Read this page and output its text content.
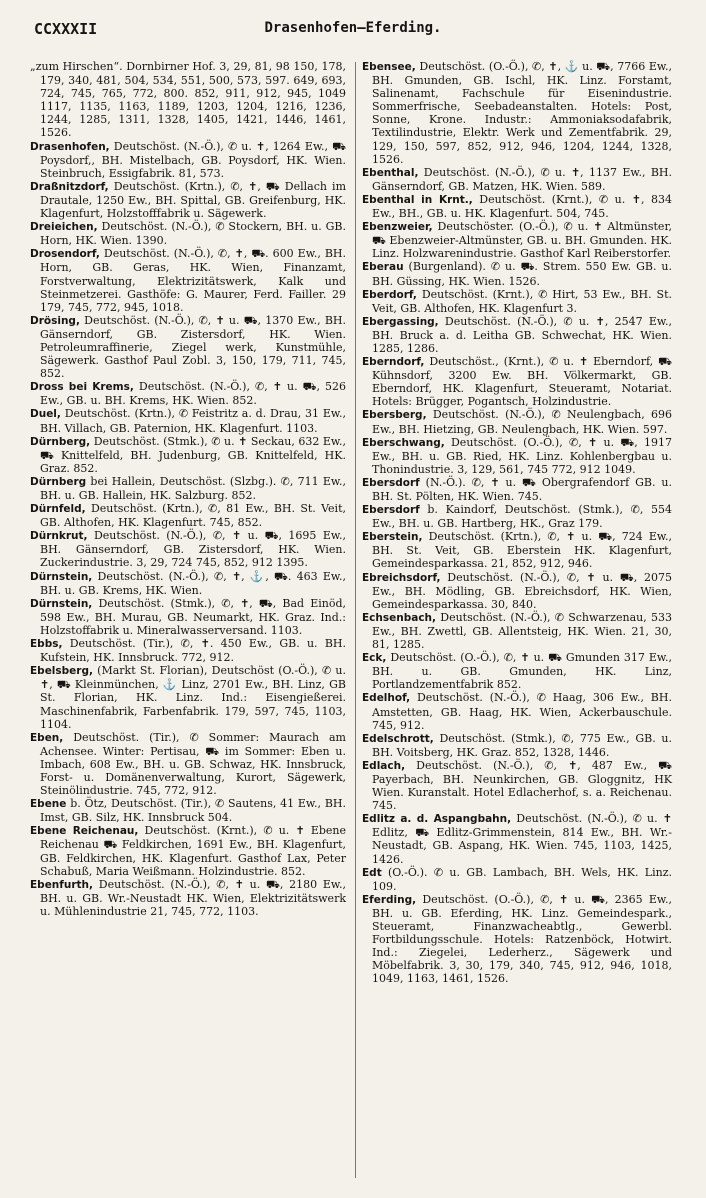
CCXXXII	Drasenhofen—Eferding.

„zum Hirschen“. Dornbirner Hof. 3, 29, 81, 98 150, 178, 179, 340, 481, 504, 534, 551, 500, 573, 597. 649, 693, 724, 745, 765, 772, 800. 852, 911, 912, 945, 1049 1117, 1135, 1163, 1189, 1203, 1204, 1216, 1236, 1244, 1285, 1311, 1328, 1405, 1421, 1446, 1461, 1526.

Drasenhofen, Deutschöst. (N.-Ö.), ✆ u. ✝, 1264 Ew., ⛟ Poysdorf,, BH. Mistelbach, GB. Poysdorf, HK. Wien. Steinbruch, Essigfabrik. 81, 573.

Draßnitzdorf, Deutschöst. (Krtn.), ✆, ✝, ⛟ Dellach im Drautale, 1250 Ew., BH. Spittal, GB. Greifenburg, HK. Klagenfurt, Holzstofffabrik u. Sägewerk.

Dreieichen, Deutschöst. (N.-Ö.), ✆ Stockern, BH. u. GB. Horn, HK. Wien. 1390.

Drosendorf, Deutschöst. (N.-Ö.), ✆, ✝, ⛟. 600 Ew., BH. Horn, GB. Geras, HK. Wien, Finanzamt, Forstverwaltung, Elektrizitätswerk, Kalk und Steinmetzerei. Gasthöfe: G. Maurer, Ferd. Failler. 29 179, 745, 772, 945, 1018.

Drösing, Deutschöst. (N.-Ö.), ✆, ✝ u. ⛟, 1370 Ew., BH. Gänserndorf, GB. Zistersdorf, HK. Wien. Petroleumraffinerie, Ziegel werk, Kunstmühle, Sägewerk. Gasthof Paul Zobl. 3, 150, 179, 711, 745, 852.

Dross bei Krems, Deutschöst. (N.-Ö.), ✆, ✝ u. ⛟, 526 Ew., GB. u. BH. Krems, HK. Wien. 852.

Duel, Deutschöst. (Krtn.), ✆ Feistritz a. d. Drau, 31 Ew., BH. Villach, GB. Paternion, HK. Klagenfurt. 1103.

Dürnberg, Deutschöst. (Stmk.), ✆ u. ✝ Seckau, 632 Ew., ⛟ Knittelfeld, BH. Judenburg, GB. Knittelfeld, HK. Graz. 852.

Dürnberg bei Hallein, Deutschöst. (Slzbg.). ✆, 711 Ew., BH. u. GB. Hallein, HK. Salzburg. 852.

Dürnfeld, Deutschöst. (Krtn.), ✆, 81 Ew., BH. St. Veit, GB. Althofen, HK. Klagenfurt. 745, 852.

Dürnkrut, Deutschöst. (N.-Ö.), ✆, ✝ u. ⛟, 1695 Ew., BH. Gänserndorf, GB. Zistersdorf, HK. Wien. Zuckerindustrie. 3, 29, 724 745, 852, 912 1395.

Dürnstein, Deutschöst. (N.-Ö.), ✆, ✝, ⚓, ⛟. 463 Ew., BH. u. GB. Krems, HK. Wien.

Dürnstein, Deutschöst. (Stmk.), ✆, ✝, ⛟, Bad Einöd, 598 Ew., BH. Murau, GB. Neumarkt, HK. Graz. Ind.: Holzstoffabrik u. Mineralwasserversand. 1103.

Ebbs, Deutschöst. (Tir.), ✆, ✝. 450 Ew., GB. u. BH. Kufstein, HK. Innsbruck. 772, 912.

Ebelsberg, (Markt St. Florian), Deutschöst (O.-Ö.), ✆ u. ✝, ⛟ Kleinmünchen, ⚓ Linz, 2701 Ew., BH. Linz, GB St. Florian, HK. Linz. Ind.: Eisengießerei. Maschinenfabrik, Farbenfabrik. 179, 597, 745, 1103, 1104.

Eben, Deutschöst. (Tir.), ✆ Sommer: Maurach am Achensee. Winter: Pertisau, ⛟ im Sommer: Eben u. Imbach, 608 Ew., BH. u. GB. Schwaz, HK. Innsbruck, Forst- u. Domänenverwaltung, Kurort, Sägewerk, Steinölindustrie. 745, 772, 912.

Ebene b. Ötz, Deutschöst. (Tir.), ✆ Sautens, 41 Ew., BH. Imst, GB. Silz, HK. Innsbruck 504.

Ebene Reichenau, Deutschöst. (Krnt.), ✆ u. ✝ Ebene Reichenau ⛟ Feldkirchen, 1691 Ew., BH. Klagenfurt, GB. Feldkirchen, HK. Klagenfurt. Gasthof Lax, Peter Schabuß, Maria Weißmann. Holzindustrie. 852.

Ebenfurth, Deutschöst. (N.-Ö.), ✆, ✝ u. ⛟, 2180 Ew., BH. u. GB. Wr.-Neustadt HK. Wien, Elektrizitätswerk u. Mühlenindustrie 21, 745, 772, 1103.

Ebensee, Deutschöst. (O.-Ö.), ✆, ✝, ⚓ u. ⛟, 7766 Ew., BH. Gmunden, GB. Ischl, HK. Linz. Forstamt, Salinenamt, Fachschule für Eisenindustrie. Sommerfrische, Seebadeanstalten. Hotels: Post, Sonne, Krone. Industr.: Ammoniaksodafabrik, Textilindustrie, Elektr. Werk und Zementfabrik. 29, 129, 150, 597, 852, 912, 946, 1204, 1244, 1328, 1526.

Ebenthal, Deutschöst. (N.-Ö.), ✆ u. ✝, 1137 Ew., BH. Gänserndorf, GB. Matzen, HK. Wien. 589.

Ebenthal in Krnt., Deutschöst. (Krnt.), ✆ u. ✝, 834 Ew., BH., GB. u. HK. Klagenfurt. 504, 745.

Ebenzweier, Deutschöster. (O.-Ö.), ✆ u. ✝ Altmünster, ⛟ Ebenzweier-Altmünster, GB. u. BH. Gmunden. HK. Linz. Holzwarenindustrie. Gasthof Karl Reiberstorfer.

Eberau (Burgenland). ✆ u. ⛟. Strem. 550 Ew. GB. u. BH. Güssing, HK. Wien. 1526.

Eberdorf, Deutschöst. (Krnt.), ✆ Hirt, 53 Ew., BH. St. Veit, GB. Althofen, HK. Klagenfurt 3.

Ebergassing, Deutschöst. (N.-Ö.), ✆ u. ✝, 2547 Ew., BH. Bruck a. d. Leitha GB. Schwechat, HK. Wien. 1285, 1286.

Eberndorf, Deutschöst., (Krnt.), ✆ u. ✝ Eberndorf, ⛟ Kühnsdorf, 3200 Ew. BH. Völkermarkt, GB. Eberndorf, HK. Klagenfurt, Steueramt, Notariat. Hotels: Brügger, Pogantsch, Holzindustrie.

Ebersberg, Deutschöst. (N.-Ö.), ✆ Neulengbach, 696 Ew., BH. Hietzing, GB. Neulengbach, HK. Wien. 597.

Eberschwang, Deutschöst. (O.-Ö.), ✆, ✝ u. ⛟, 1917 Ew., BH. u. GB. Ried, HK. Linz. Kohlenbergbau u. Thonindustrie. 3, 129, 561, 745 772, 912 1049.

Ebersdorf (N.-Ö.). ✆, ✝ u. ⛟ Obergrafendorf GB. u. BH. St. Pölten, HK. Wien. 745.

Ebersdorf b. Kaindorf, Deutschöst. (Stmk.), ✆, 554 Ew., BH. u. GB. Hartberg, HK., Graz 179.

Eberstein, Deutschöst. (Krtn.), ✆, ✝ u. ⛟, 724 Ew., BH. St. Veit, GB. Eberstein HK. Klagenfurt, Gemeindesparkassa. 21, 852, 912, 946.

Ebreichsdorf, Deutschöst. (N.-Ö.), ✆, ✝ u. ⛟, 2075 Ew., BH. Mödling, GB. Ebreichsdorf, HK. Wien, Gemeindesparkassa. 30, 840.

Echsenbach, Deutschöst. (N.-Ö.), ✆ Schwarzenau, 533 Ew., BH. Zwettl, GB. Allentsteig, HK. Wien. 21, 30, 81, 1285.

Eck, Deutschöst. (O.-Ö.), ✆, ✝ u. ⛟ Gmunden 317 Ew., BH. u. GB. Gmunden, HK. Linz, Portlandzementfabrik 852.

Edelhof, Deutschöst. (N.-Ö.), ✆ Haag, 306 Ew., BH. Amstetten, GB. Haag, HK. Wien, Ackerbauschule. 745, 912.

Edelschrott, Deutschöst. (Stmk.), ✆, 775 Ew., GB. u. BH. Voitsberg, HK. Graz. 852, 1328, 1446.

Edlach, Deutschöst. (N.-Ö.), ✆, ✝, 487 Ew., ⛟ Payerbach, BH. Neunkirchen, GB. Gloggnitz, HK Wien. Kuranstalt. Hotel Edlacherhof, s. a. Reichenau. 745.

Edlitz a. d. Aspangbahn, Deutschöst. (N.-Ö.), ✆ u. ✝ Edlitz, ⛟ Edlitz-Grimmenstein, 814 Ew., BH. Wr.-Neustadt, GB. Aspang, HK. Wien. 745, 1103, 1425, 1426.

Edt (O.-Ö.). ✆ u. GB. Lambach, BH. Wels, HK. Linz. 109.

Eferding, Deutschöst. (O.-Ö.), ✆, ✝ u. ⛟, 2365 Ew., BH. u. GB. Eferding, HK. Linz. Gemeindespark., Steueramt, Finanzwacheabtlg., Gewerbl. Fortbildungsschule. Hotels: Ratzenböck, Hotwirt. Ind.: Ziegelei, Lederherz., Sägewerk und Möbelfabrik. 3, 30, 179, 340, 745, 912, 946, 1018, 1049, 1163, 1461, 1526.
